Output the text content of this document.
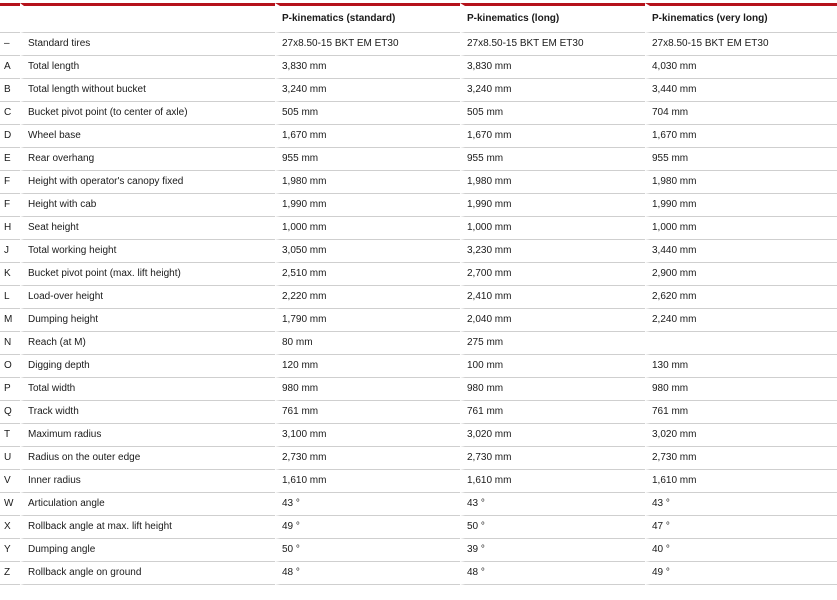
		P-kinematics (standard)	P-kinematics (long)	P-kinematics (very long)
–	Standard tires	27x8.50-15 BKT EM ET30	27x8.50-15 BKT EM ET30	27x8.50-15 BKT EM ET30
A	Total length	3,830 mm	3,830 mm	4,030 mm
B	Total length without bucket	3,240 mm	3,240 mm	3,440 mm
C	Bucket pivot point (to center of axle)	505 mm	505 mm	704 mm
D	Wheel base	1,670 mm	1,670 mm	1,670 mm
E	Rear overhang	955 mm	955 mm	955 mm
F	Height with operator's canopy fixed	1,980 mm	1,980 mm	1,980 mm
F	Height with cab	1,990 mm	1,990 mm	1,990 mm
H	Seat height	1,000 mm	1,000 mm	1,000 mm
J	Total working height	3,050 mm	3,230 mm	3,440 mm
K	Bucket pivot point (max. lift height)	2,510 mm	2,700 mm	2,900 mm
L	Load-over height	2,220 mm	2,410 mm	2,620 mm
M	Dumping height	1,790 mm	2,040 mm	2,240 mm
N	Reach (at M)	80 mm	275 mm	
O	Digging depth	120 mm	100 mm	130 mm
P	Total width	980 mm	980 mm	980 mm
Q	Track width	761 mm	761 mm	761 mm
T	Maximum radius	3,100 mm	3,020 mm	3,020 mm
U	Radius on the outer edge	2,730 mm	2,730 mm	2,730 mm
V	Inner radius	1,610 mm	1,610 mm	1,610 mm
W	Articulation angle	43 °	43 °	43 °
X	Rollback angle at max. lift height	49 °	50 °	47 °
Y	Dumping angle	50 °	39 °	40 °
Z	Rollback angle on ground	48 °	48 °	49 °
